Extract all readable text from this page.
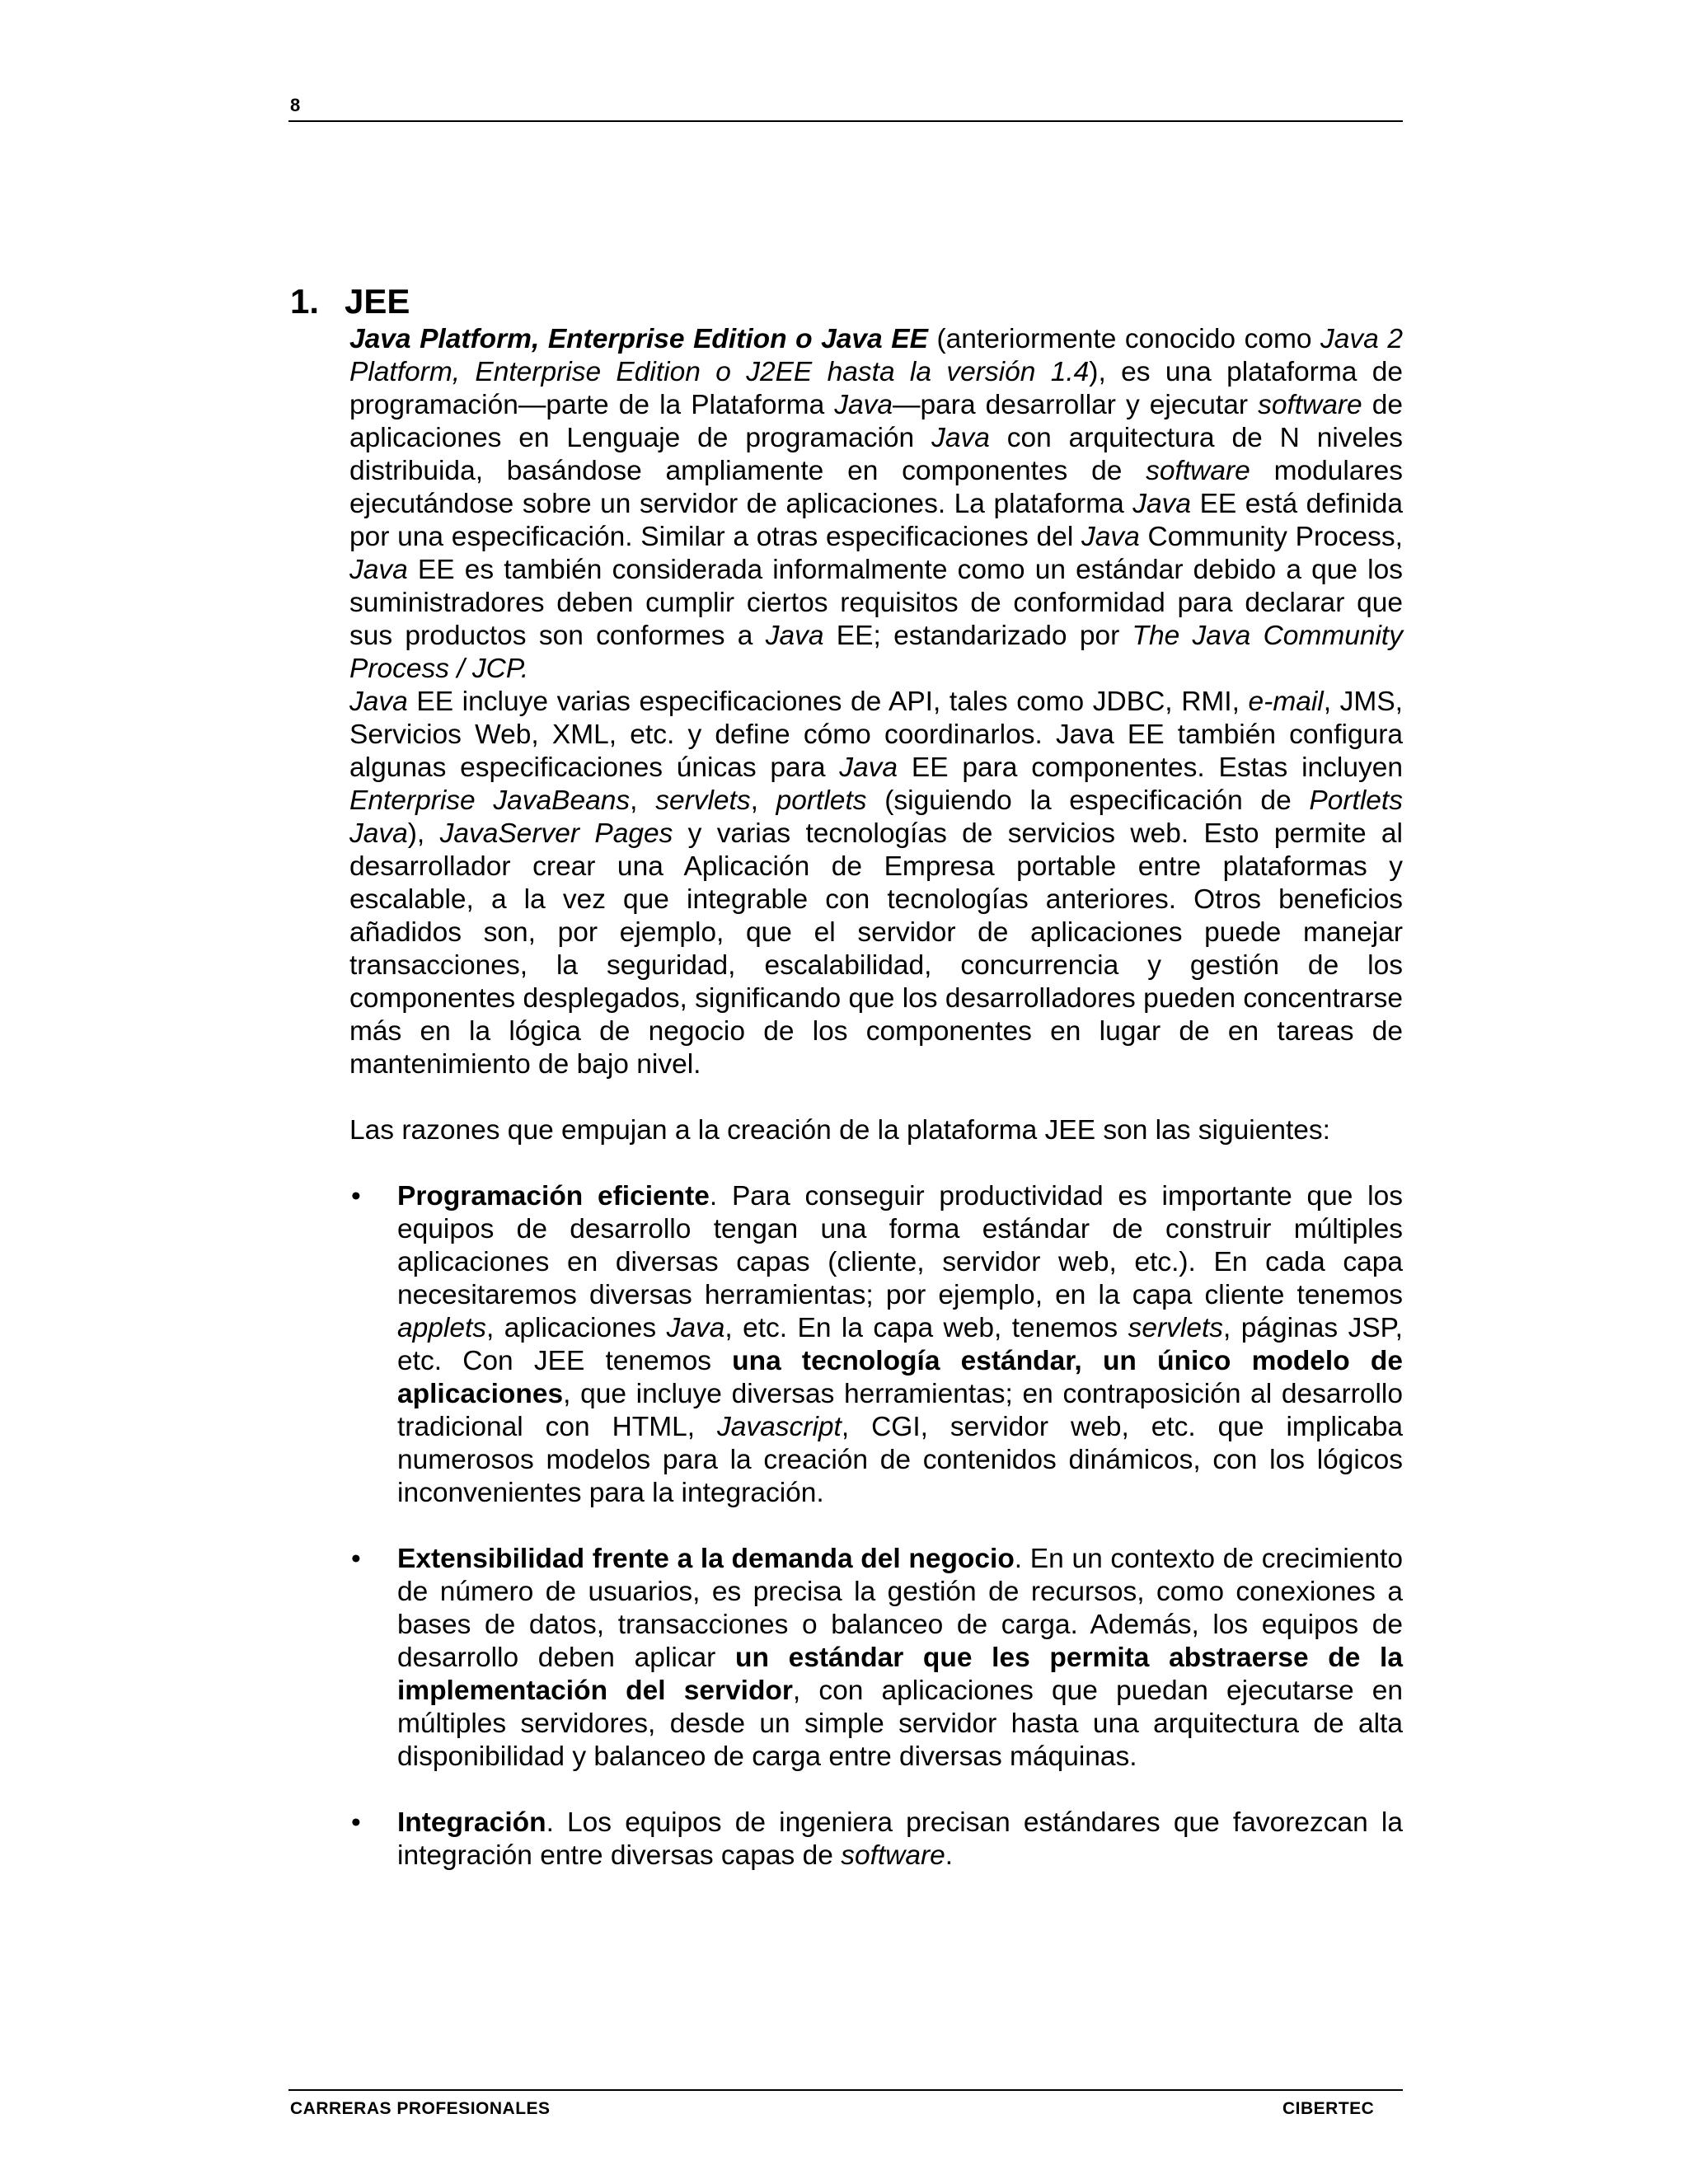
8
1. JEE

Java Platform, Enterprise Edition o Java EE (anteriormente conocido como Java 2 Platform, Enterprise Edition o J2EE hasta la versión 1.4), es una plataforma de programación—parte de la Plataforma Java—para desarrollar y ejecutar software de aplicaciones en Lenguaje de programación Java con arquitectura de N niveles distribuida, basándose ampliamente en componentes de software modulares ejecutándose sobre un servidor de aplicaciones. La plataforma Java EE está definida por una especificación. Similar a otras especificaciones del Java Community Process, Java EE es también considerada informalmente como un estándar debido a que los suministradores deben cumplir ciertos requisitos de conformidad para declarar que sus productos son conformes a Java EE; estandarizado por The Java Community Process / JCP.

Java EE incluye varias especificaciones de API, tales como JDBC, RMI, e-mail, JMS, Servicios Web, XML, etc. y define cómo coordinarlos. Java EE también configura algunas especificaciones únicas para Java EE para componentes. Estas incluyen Enterprise JavaBeans, servlets, portlets (siguiendo la especificación de Portlets Java), JavaServer Pages y varias tecnologías de servicios web. Esto permite al desarrollador crear una Aplicación de Empresa portable entre plataformas y escalable, a la vez que integrable con tecnologías anteriores. Otros beneficios añadidos son, por ejemplo, que el servidor de aplicaciones puede manejar transacciones, la seguridad, escalabilidad, concurrencia y gestión de los componentes desplegados, significando que los desarrolladores pueden concentrarse más en la lógica de negocio de los componentes en lugar de en tareas de mantenimiento de bajo nivel.

Las razones que empujan a la creación de la plataforma JEE son las siguientes:

• Programación eficiente. Para conseguir productividad es importante que los equipos de desarrollo tengan una forma estándar de construir múltiples aplicaciones en diversas capas (cliente, servidor web, etc.). En cada capa necesitaremos diversas herramientas; por ejemplo, en la capa cliente tenemos applets, aplicaciones Java, etc. En la capa web, tenemos servlets, páginas JSP, etc. Con JEE tenemos una tecnología estándar, un único modelo de aplicaciones, que incluye diversas herramientas; en contraposición al desarrollo tradicional con HTML, Javascript, CGI, servidor web, etc. que implicaba numerosos modelos para la creación de contenidos dinámicos, con los lógicos inconvenientes para la integración.
• Extensibilidad frente a la demanda del negocio. En un contexto de crecimiento de número de usuarios, es precisa la gestión de recursos, como conexiones a bases de datos, transacciones o balanceo de carga. Además, los equipos de desarrollo deben aplicar un estándar que les permita abstraerse de la implementación del servidor, con aplicaciones que puedan ejecutarse en múltiples servidores, desde un simple servidor hasta una arquitectura de alta disponibilidad y balanceo de carga entre diversas máquinas.
• Integración. Los equipos de ingeniera precisan estándares que favorezcan la integración entre diversas capas de software.
CARRERAS PROFESIONALES	CIBERTEC
